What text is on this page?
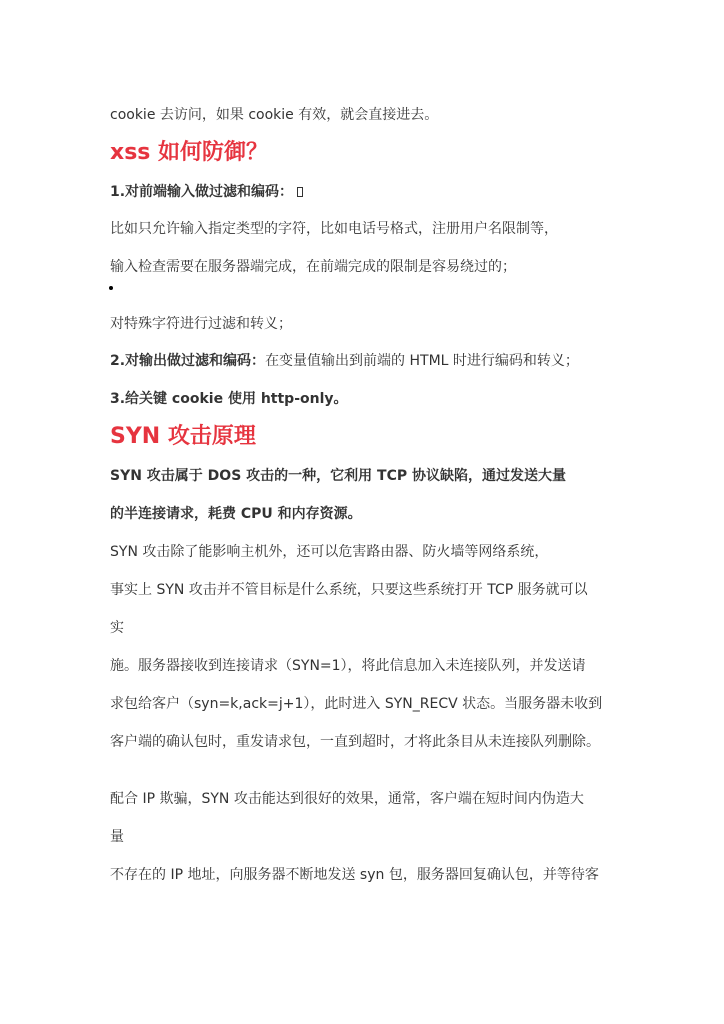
cookie 去访问，如果 cookie 有效，就会直接进去。
xss 如何防御？
1.对前端输入做过滤和编码：
比如只允许输入指定类型的字符，比如电话号格式，注册用户名限制等，
输入检查需要在服务器端完成，在前端完成的限制是容易绕过的；
对特殊字符进行过滤和转义；
2.对输出做过滤和编码：在变量值输出到前端的 HTML 时进行编码和转义；
3.给关键 cookie 使用 http-only。
SYN 攻击原理
SYN 攻击属于 DOS 攻击的一种，它利用 TCP 协议缺陷，通过发送大量
的半连接请求，耗费 CPU 和内存资源。
SYN 攻击除了能影响主机外，还可以危害路由器、防火墙等网络系统，
事实上 SYN 攻击并不管目标是什么系统，只要这些系统打开 TCP 服务就可以
实
施。服务器接收到连接请求（SYN=1），将此信息加入未连接队列，并发送请
求包给客户（syn=k,ack=j+1），此时进入 SYN_RECV 状态。当服务器未收到
客户端的确认包时，重发请求包，一直到超时，才将此条目从未连接队列删除。
配合 IP 欺骗，SYN 攻击能达到很好的效果，通常，客户端在短时间内伪造大
量
不存在的 IP 地址，向服务器不断地发送 syn 包，服务器回复确认包，并等待客
